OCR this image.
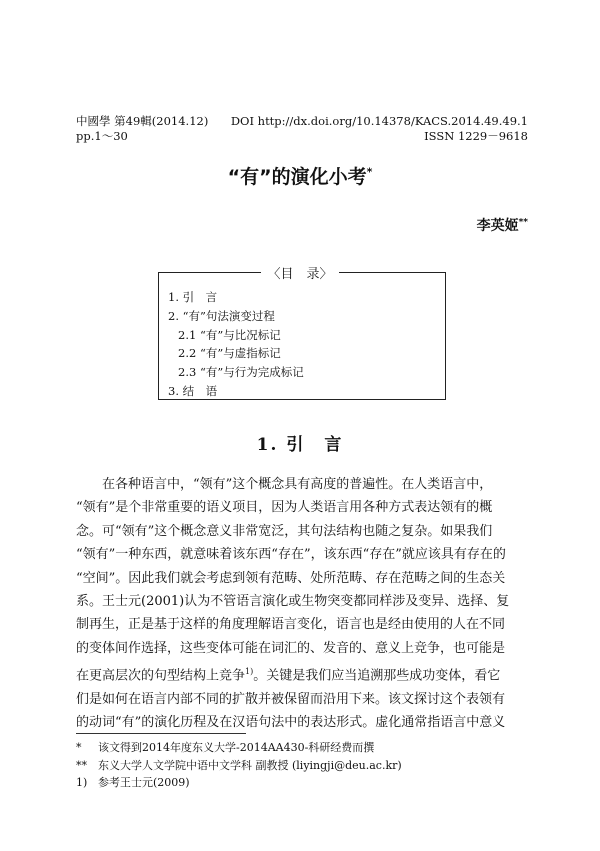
中國學 第49輯(2014.12)
pp.1～30
DOI http://dx.doi.org/10.14378/KACS.2014.49.49.1
ISSN 1229－9618
“有”的演化小考*
李英姬**
〈目　录〉
1. 引　言
2. “有”句法演变过程
2.1 “有”与比况标记
2.2 “有”与虚指标记
2.3 “有”与行为完成标记
3. 结　语
1. 引　言
在各种语言中，“领有”这个概念具有高度的普遍性。在人类语言中，
“领有”是个非常重要的语义项目，因为人类语言用各种方式表达领有的概
念。可“领有”这个概念意义非常宽泛，其句法结构也随之复杂。如果我们
“领有”一种东西，就意味着该东西“存在”，该东西“存在”就应该具有存在的
“空间”。因此我们就会考虑到领有范畴、处所范畴、存在范畴之间的生态关
系。王士元(2001)认为不管语言演化或生物突变都同样涉及变异、选择、复
制再生，正是基于这样的角度理解语言变化，语言也是经由使用的人在不同
的变体间作选择，这些变体可能在词汇的、发音的、意义上竞争，也可能是
在更高层次的句型结构上竞争$^{1)}$。关键是我们应当追溯那些成功变体，看它
们是如何在语言内部不同的扩散并被保留而沿用下来。该文探讨这个表领有
的动词“有”的演化历程及在汉语句法中的表达形式。虚化通常指语言中意义
* 该文得到2014年度东义大学-2014AA430-科研经费而撰
** 东义大学人文学院中语中文学科 副教授 (liyingji@deu.ac.kr)
1) 参考王士元(2009)
